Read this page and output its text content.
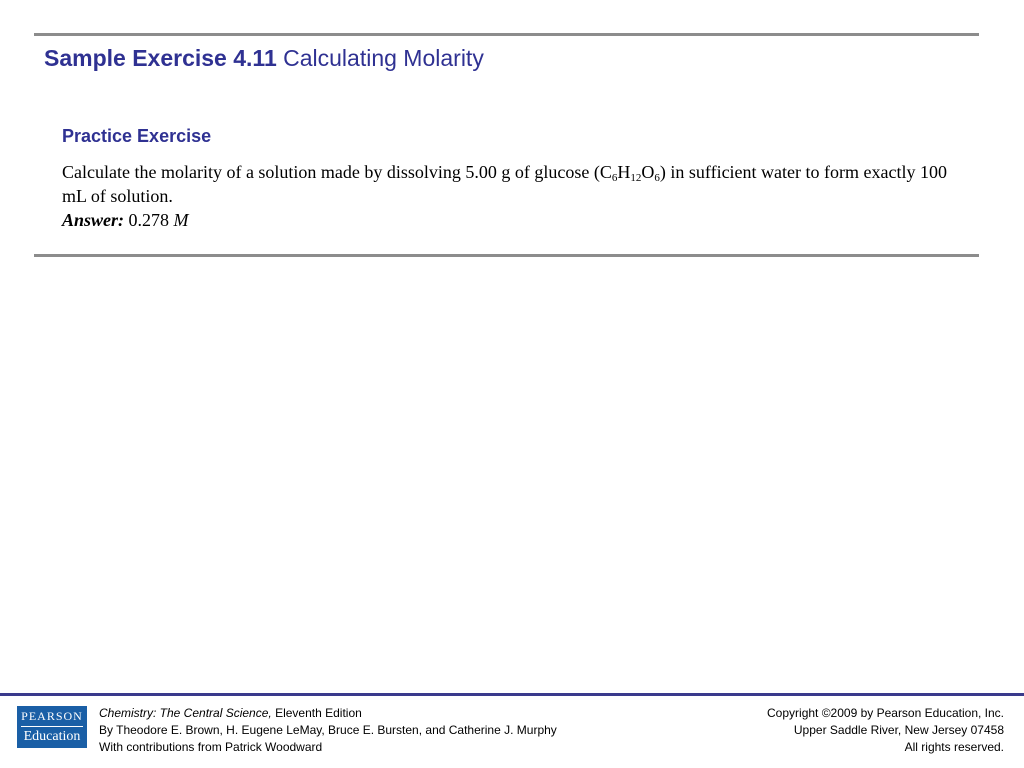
Sample Exercise 4.11 Calculating Molarity
Practice Exercise
Calculate the molarity of a solution made by dissolving 5.00 g of glucose $(C_6H_{12}O_6)$ in sufficient water to form exactly 100 mL of solution.
Answer: 0.278 M
PEARSON
Education
Chemistry: The Central Science, Eleventh Edition
By Theodore E. Brown, H. Eugene LeMay, Bruce E. Bursten, and Catherine J. Murphy
With contributions from Patrick Woodward
Copyright ©2009 by Pearson Education, Inc.
Upper Saddle River, New Jersey 07458
All rights reserved.
